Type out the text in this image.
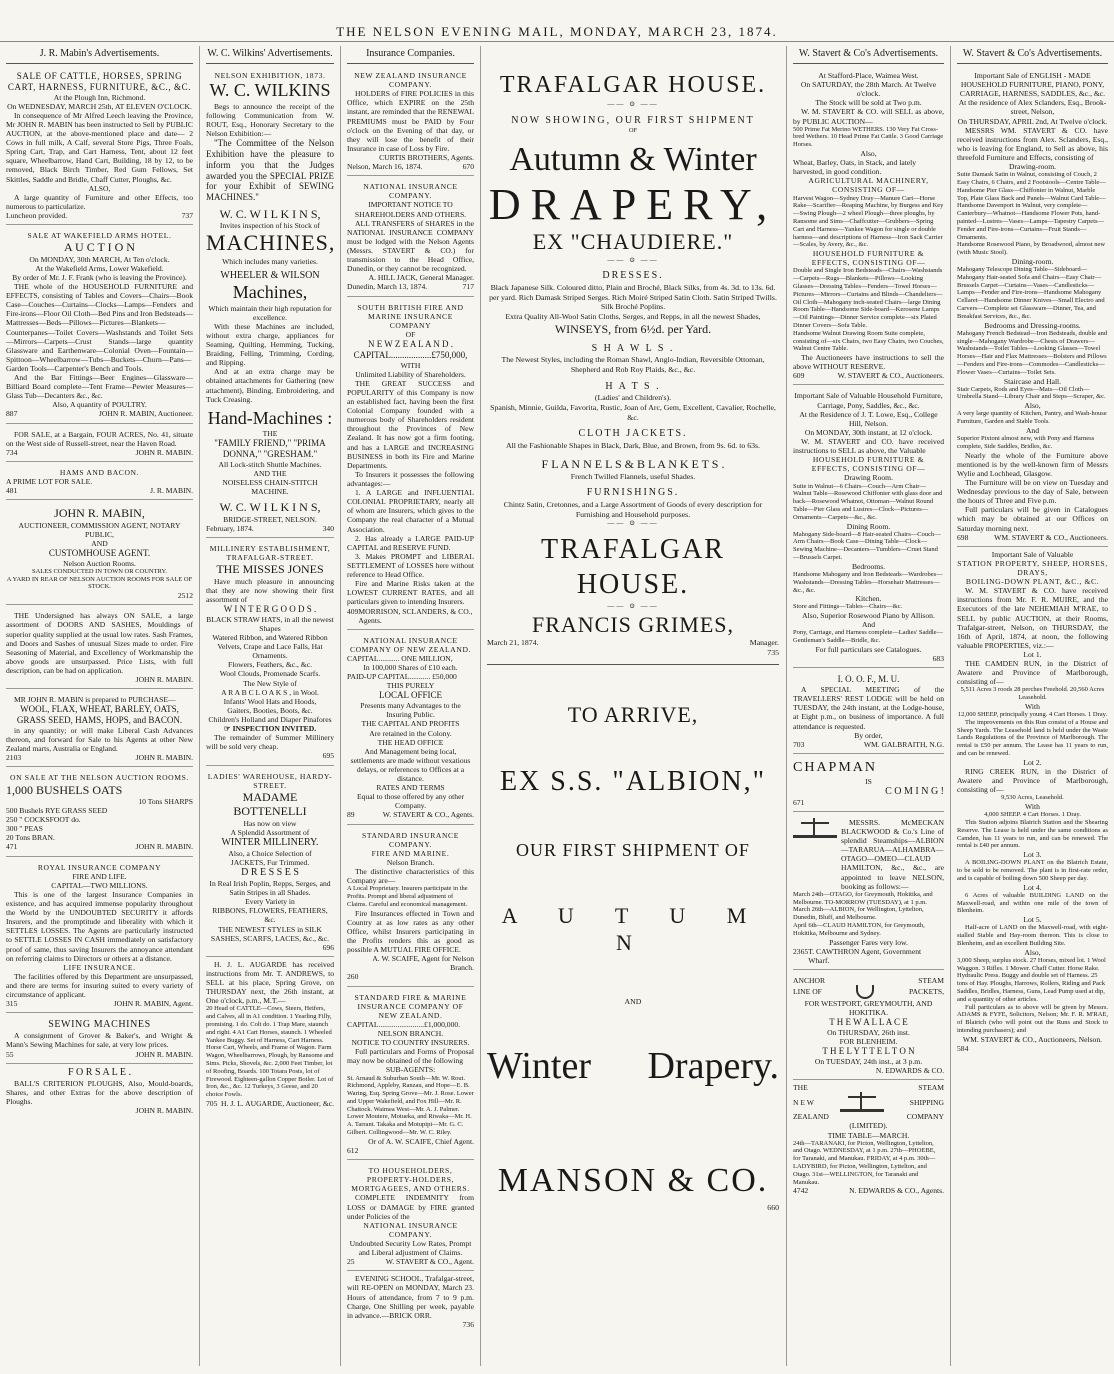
THE NELSON EVENING MAIL, MONDAY, MARCH 23, 1874.
J. R. Mabin's Advertisements.
SALE OF CATTLE, HORSES, SPRING CART, HARNESS, FURNITURE, &C., &C.
At the Plough Inn, Richmond.
On WEDNESDAY, MARCH 25th, AT ELEVEN O'CLOCK.
In consequence of Mr Alfred Leech leaving the Province, Mr JOHN R. MABIN has been instructed to Sell by PUBLIC AUCTION, at the above-mentioned place and date— 2 Cows in full milk, A Calf, several Store Pigs, Three Foals, Spring Cart, Trap, and Cart Harness, Tent, about 12 feet square, Wheelbarrow, Hand Cart, Building, 18 by 12, to be removed, Black Birch Timber, Red Gum Fellows, Set Skittles, Saddle and Bridle, Chaff Cutter, Ploughs, &c.
ALSO,
A large quantity of Furniture and other Effects, too numerous to particularize.
Luncheon provided.	737
SALE AT WAKEFIELD ARMS HOTEL.
A U C T I O N
On MONDAY, 30th MARCH, At Ten o'clock.
At the Wakefield Arms, Lower Wakefield.
By order of Mr. J. F. Frank (who is leaving the Province).
THE whole of the HOUSEHOLD FURNITURE and EFFECTS, consisting of Tables and Covers—Chairs—Book Case—Couches—Curtains—Clocks—Lamps—Fenders and Fire-irons—Floor Oil Cloth—Bed Pins and Iron Bedsteads—Mattresses—Beds—Pillows—Pictures—Blankets—Counterpanes—Toilet Covers—Washstands and Toilet Sets—Mirrors—Carpets—Crust Stands—large quantity Glassware and Earthenware—Colonial Oven—Fountain—Spittoon—Wheelbarrow—Tubs—Buckets—Churn—Pans—Garden Tools—Carpenter's Bench and Tools.
And the Bar Fittings—Beer Engines—Glassware—Billiard Board complete—Tent Frame—Pewter Measures—Glass Tub—Decanters &c., &c.
Also, A quantity of POULTRY.
887	JOHN R. MABIN, Auctioneer.
FOR SALE, at a Bargain, FOUR ACRES, No. 41, situate on the West side of Russell-street, near the Haven Road.
734	JOHN R. MABIN.
HAMS AND BACON.
A PRIME LOT FOR SALE.
481	J. R. MABIN.
JOHN R. MABIN,
AUCTIONEER, COMMISSION AGENT, NOTARY PUBLIC,
AND
CUSTOMHOUSE AGENT.
Nelson Auction Rooms.
SALES CONDUCTED IN TOWN OR COUNTRY.
A YARD IN REAR OF NELSON AUCTION ROOMS FOR SALE OF STOCK.
2512
THE Undersigned has always ON SALE, a large assortment of DOORS AND SASHES, Mouldings of superior quality supplied at the usual low rates. Sash Frames, and Doors and Sashes of unusual Sizes made to order. Fire Seasoning of Material, and Excellency of Workmanship the above goods are unsurpassed. Price Lists, with full description, can be had on application.
JOHN R. MABIN.
MR JOHN R. MABIN is prepared to PURCHASE—
WOOL, FLAX, WHEAT, BARLEY, OATS, GRASS SEED, HAMS, HOPS, and BACON.
in any quantity; or will make Liberal Cash Advances thereon, and forward for Sale to his Agents at other New Zealand marts, Australia or England.
2103	JOHN R. MABIN.
ON SALE AT THE NELSON AUCTION ROOMS.
1,000 BUSHELS OATS
10 Tons SHARPS
500 Bushels RYE GRASS SEED
250 " COCKSFOOT do.
300 " PEAS
20 Tons BRAN.
471	JOHN R. MABIN.
ROYAL INSURANCE COMPANY
FIRE AND LIFE.
CAPITAL—TWO MILLIONS.
This is one of the largest Insurance Companies in existence, and has acquired immense popularity throughout the World by the UNDOUBTED SECURITY it affords Insurers, and the promptitude and liberality with which it SETTLES LOSSES. The Agents are particularly instructed to SETTLE LOSSES IN CASH immediately on satisfactory proof of same, thus saving Insurers the annoyance attendant on referring claims to Directors or others at a distance.
LIFE INSURANCE.
The facilities offered by this Department are unsurpassed, and there are terms for insuring suited to every variety of circumstance of applicant.
315	JOHN R. MABIN, Agent.
SEWING MACHINES
A consignment of Grover & Baker's, and Wright & Mann's Sewing Machines for sale, at very low prices.
55	JOHN R. MABIN.
F O R S A L E .
BALL'S CRITERION PLOUGHS, Also, Mould-boards, Shares, and other Extras for the above description of Ploughs.
JOHN R. MABIN.
W. C. Wilkins' Advertisements.
NELSON EXHIBITION, 1873.
W. C. WILKINS
Begs to announce the receipt of the following Communication from W. ROUT, Esq., Honorary Secretary to the Nelson Exhibition:—
"The Committee of the Nelson Exhibition have the pleasure to inform you that the Judges awarded you the SPECIAL PRIZE for your Exhibit of SEWING MACHINES."
W. C. W I L K I N S,
Invites inspection of his Stock of
MACHINES,
Which includes many varieties.
WHEELER & WILSON
Machines,
Which maintain their high reputation for excellence.
With these Machines are included, without extra charge, appliances for Seaming, Quilting, Hemming, Tucking, Braiding, Felling, Trimming, Cording, and Ripping.
And at an extra charge may be obtained attachments for Gathering (new attachment), Binding, Embroidering, and Tuck Creasing.
Hand-Machines :
THE
"FAMILY FRIEND," "PRIMA DONNA," "GRESHAM."
All Lock-stitch Shuttle Machines.
AND THE
NOISELESS CHAIN-STITCH MACHINE.
W. C. W I L K I N S,
BRIDGE-STREET, NELSON.
February, 1874.	340
MILLINERY ESTABLISHMENT, TRAFALGAR-STREET.
THE MISSES JONES
Have much pleasure in announcing that they are now showing their first assortment of
W I N T E R G O O D S .
BLACK STRAW HATS, in all the newest Shapes
Watered Ribbon, and Watered Ribbon Velvets, Crape and Lace Falls, Hat Ornaments.
Flowers, Feathers, &c., &c.
Wool Clouds, Promenade Scarfs.
The New Style of
A R A B C L O A K S , in Wool.
Infants' Wool Hats and Hoods,
Gaiters, Booties, Boots, &c.
Children's Holland and Diaper Pinafores
☞ INSPECTION INVITED.
The remainder of Summer Millinery will be sold very cheap.
695
LADIES' WAREHOUSE, HARDY-STREET.
MADAME BOTTENELLI
Has now on view
A Splendid Assortment of
WINTER MILLINERY.
Also, a Choice Selection of
JACKETS, Fur Trimmed.
D R E S S E S
In Real Irish Poplin, Repps, Serges, and Satin Stripes in all Shades.
Every Variety in
RIBBONS, FLOWERS, FEATHERS, &c.
THE NEWEST STYLES in SILK SASHES, SCARFS, LACES, &c., &c.
696
H. J. L. AUGARDE has received instructions from Mr. T. ANDREWS, to SELL at his place, Spring Grove, on THURSDAY next, the 26th instant, at One o'clock, p.m., M.T.—
20 Head of CATTLE—Cows, Steers, Heifers, and Calves, all in A1 condition. 1 Yearling Filly, promising. 1 do. Colt do. 1 Trap Mare, staunch and right. 4 A1 Cart Horses, staunch. 1 Wheeled Yankee Buggy. Set of Harness, Cart Harness. Horse Cart, Wheels, and Frame of Wagon. Farm Wagon, Wheelbarrows, Plough, by Ransome and Sims. Picks, Shovels, &c. 2,000 Feet Timber, lot of Roofing, Boards. 100 Totara Posts, lot of Firewood. Eighteen-gallon Copper Boiler. Lot of Iron, &c., &c. 12 Turkeys, 3 Geese, and 20 choice Fowls.
705 H. J. L. AUGARDE, Auctioneer, &c.
Insurance Companies.
NEW ZEALAND INSURANCE COMPANY.
HOLDERS of FIRE POLICIES in this Office, which EXPIRE on the 25th instant, are reminded that the RENEWAL PREMIUMS must be PAID by Four o'clock on the Evening of that day, or they will lose the benefit of their Insurance in case of Loss by Fire.
CURTIS BROTHERS, Agents.
Nelson, March 16, 1874.	670
NATIONAL INSURANCE COMPANY.
IMPORTANT NOTICE TO SHAREHOLDERS AND OTHERS.
ALL TRANSFERS of SHARES in the NATIONAL INSURANCE COMPANY must be lodged with the Nelson Agents (Messrs. STAVERT & CO.) for transmission to the Head Office, Dunedin, or they cannot be recognized.
A. HILL JACK, General Manager.
Dunedin, March 13, 1874.	717
SOUTH BRITISH FIRE AND MARINE INSURANCE COMPANY
OF
N E W Z E A L A N D .
CAPITAL..................£750,000,
WITH
Unlimited Liability of Shareholders.
THE GREAT SUCCESS and POPULARITY of this Company is now an established fact, having been the first Colonial Company founded with a numerous body of Shareholders resident throughout the Provinces of New Zealand. It has now got a firm footing, and has a LARGE and INCREASING BUSINESS in both its Fire and Marine Departments.
To Insurers it possesses the following advantages:—
1. A LARGE and INFLUENTIAL COLONIAL PROPRIETARY, nearly all of whom are Insurers, which gives to the Company the real character of a Mutual Association.
2. Has already a LARGE PAID-UP CAPITAL and RESERVE FUND.
3. Makes PROMPT and LIBERAL SETTLEMENT of LOSSES here without reference to Head Office.
Fire and Marine Risks taken at the LOWEST CURRENT RATES, and all particulars given to intending Insurers.
409 MORRISON, SCLANDERS, & CO., Agents.
NATIONAL INSURANCE COMPANY OF NEW ZEALAND.
CAPITAL........... ONE MILLION,
In 100,000 Shares of £10 each.
PAID-UP CAPITAL........... £50,000
THIS PURELY
LOCAL OFFICE
Presents many Advantages to the Insuring Public.
THE CAPITAL AND PROFITS
Are retained in the Colony.
THE HEAD OFFICE
And Management being local, settlements are made without vexatious delays, or references to Offices at a distance.
RATES AND TERMS
Equal to those offered by any other Company.
89	W. STAVERT & CO., Agents.
STANDARD INSURANCE COMPANY.
FIRE AND MARINE.
Nelson Branch.
The distinctive characteristics of this Company are—
A Local Proprietary. Insurers participate in the Profits. Prompt and liberal adjustment of Claims. Careful and economical management.
Fire Insurances effected in Town and Country at as low rates as any other Office, whilst Insurers participating in the Profits renders this as good as possible A MUTUAL FIRE OFFICE.
A. W. SCAIFE, Agent for Nelson Branch.
260
STANDARD FIRE & MARINE INSURANCE COMPANY OF NEW ZEALAND.
CAPITAL........................£1,000,000.
NELSON BRANCH.
NOTICE TO COUNTRY INSURERS.
Full particulars and Forms of Proposal may now be obtained of the following
SUB-AGENTS:
St. Arnaud & Suburban South—Mr. W. Rout. Richmond, Appleby, Ranzau, and Hope—E. B. Waring, Esq. Spring Grove—Mr. J. Rose. Lower and Upper Wakefield, and Fox Hill—Mr. R. Chattock. Waimea West—Mr. A. J. Palmer. Lower Moutere, Motueka, and Riwaka—Mr. H. A. Tarrant. Takaka and Motupipi—Mr. G. C. Gilbert. Collingwood—Mr. W. C. Riley.
Or of A. W. SCAIFE, Chief Agent.
612
TO HOUSEHOLDERS, PROPERTY-HOLDERS, MORTGAGEES, AND OTHERS.
COMPLETE INDEMNITY from LOSS or DAMAGE by FIRE granted under Policies of the
NATIONAL INSURANCE COMPANY.
Undoubted Security Low Rates, Prompt and Liberal adjustment of Claims.
25	W. STAVERT & CO., Agent.
EVENING SCHOOL, Trafalgar-street, will RE-OPEN on MONDAY, March 23. Hours of attendance, from 7 to 9 p.m. Charge, One Shilling per week, payable in advance.—BRICK ORR.
736
TRAFALGAR HOUSE.
—— ⊙ ——
NOW SHOWING, OUR FIRST SHIPMENT
OF
Autumn & Winter
DRAPERY,
EX "CHAUDIERE."
—— ⊙ ——
DRESSES.
Black Japanese Silk. Coloured ditto, Plain and Broché, Black Silks, from 4s. 3d. to 13s. 6d. per yard. Rich Damask Striped Serges. Rich Moiré Striped Satin Cloth. Satin Striped Twills. Silk Broché Poplins.
Extra Quality All-Wool Satin Cloths, Serges, and Repps, in all the newest Shades,
WINSEYS, from 6½d. per Yard.
S H A W L S .
The Newest Styles, including the Roman Shawl, Anglo-Indian, Reversible Ottoman, Shepherd and Rob Roy Plaids, &c., &c.
H A T S .
(Ladies' and Children's).
Spanish, Minnie, Guilda, Favorita, Rustic, Joan of Arc, Gem, Excellent, Cavalier, Rochelle, &c.
CLOTH JACKETS.
All the Fashionable Shapes in Black, Dark, Blue, and Brown, from 9s. 6d. to 63s.
F L A N N E L S & B L A N K E T S .
French Twilled Flannels, useful Shades.
FURNISHINGS.
Chintz Satin, Cretonnes, and a Large Assortment of Goods of every description for Furnishing and Household purposes.
—— ⊙ ——
TRAFALGAR HOUSE.
—— ⊙ ——
FRANCIS GRIMES,
March 21, 1874.	Manager.
735
TO ARRIVE,
EX S.S. "ALBION,"
OUR FIRST SHIPMENT OF
A U T U M N
AND
Winter Drapery.
MANSON & CO.
660
W. Stavert & Co's Advertisements.
At Stafford-Place, Waimea West.
On SATURDAY, the 28th March. At Twelve o'clock.
The Stock will be sold at Two p.m.
W. M. STAVERT & CO. will SELL as above, by PUBLIC AUCTION—
500 Prime Fat Merino WETHERS. 130 Very Fat Cross-bred Wethers. 10 Head Prime Fat Cattle. 3 Good Carriage Horses.
Also,
Wheat, Barley, Oats, in Stack, and lately harvested, in good condition.
AGRICULTURAL MACHINERY, CONSISTING OF—
Harvest Wagon—Sydney Dray—Manure Cart—Horse Rake—Scarifier—Reaping Machine, by Burgess and Key—Swing Plough—2 wheel Plough—three ploughs, by Ransome and Sims—Chaffcutter—Grubbers—Spring Cart and Harness—Yankee Wagon for single or double harness—and descriptions of Harness—Iron Sack Carrier—Scales, by Avery, &c., &c.
HOUSEHOLD FURNITURE & EFFECTS, CONSISTING OF—
Double and Single Iron Bedsteads—Chairs—Washstands—Carpets—Rugs—Blankets—Pillows—Looking Glasses—Dressing Tables—Fenders—Towel Horses—Pictures—Mirrors—Curtains and Blinds—Chandeliers—Oil Cloth—Mahogany inch-seated Chairs—large Dining Room Table—Handsome Side-board—Kerosene Lamps—Oil Paintings—Dinner Service complete—six Plated Dinner Covers—Sofa Table.
Handsome Walnut Drawing Room Suite complete, consisting of—six Chairs, two Easy Chairs, two Couches, Walnut Centre Table.
The Auctioneers have instructions to sell the above WITHOUT RESERVE.
609	W. STAVERT & CO., Auctioneers.
Important Sale of Valuable Household Furniture, Carriage, Pony, Saddles, &c., &c.
At the Residence of J. T. Lowe, Esq., College Hill, Nelson.
On MONDAY, 30th instant, at 12 o'clock.
W. M. STAVERT and CO. have received instructions to SELL as above, the Valuable
HOUSEHOLD FURNITURE & EFFECTS, CONSISTING OF—
Drawing Room.
Suite in Walnut—6 Chairs—Couch—Arm Chair—Walnut Table—Rosewood Chiffonier with glass door and back—Rosewood Whatnot, Ottoman—Walnut Round Table—Pier Glass and Lustres—Clock—Pictures—Ornaments—Carpets—&c., &c.
Dining Room.
Mahogany Side-board—8 Hair-seated Chairs—Couch—Arm Chairs—Book Case—Dining Table—Clock—Sewing Machine—Decanters—Tumblers—Cruet Stand—Brussels Carpet.
Bedrooms.
Handsome Mahogany and Iron Bedsteads—Wardrobes—Washstands—Dressing Tables—Horsehair Mattresses—&c., &c.
Kitchen.
Store and Fittings—Tables—Chairs—&c.
Also, Superior Rosewood Piano by Allison.
And
Pony, Carriage, and Harness complete—Ladies' Saddle—Gentleman's Saddle—Bridle, &c.
For full particulars see Catalogues.
683
I. O. O. F., M. U.
A SPECIAL MEETING of the TRAVELLERS' REST LODGE will be held on TUESDAY, the 24th instant, at the Lodge-house, at Eight p.m., on business of importance. A full attendance is requested.
By order,
703	WM. GALBRAITH, N.G.
CHAPMAN
IS
C O M I N G !
671
MESSRS. McMECKAN BLACKWOOD & Co.'s Line of splendid Steamships—ALBION—TARARUA—ALHAMBRA—OTAGO—OMEO—CLAUD HAMILTON, &c., &c., are appointed to leave NELSON, booking as follows:—
March 24th—OTAGO, for Greymouth, Hokitika, and Melbourne. TO-MORROW (TUESDAY), at 1 p.m.
March 26th—ALBION, for Wellington, Lyttelton, Dunedin, Bluff, and Melbourne.
April 6th—CLAUD HAMILTON, for Greymouth, Hokitika, Melbourne and Sydney.
Passenger Fares very low.
2365 T. CAWTHRON Agent, Government Wharf.
ANCHOR	STEAM
LINE OF	PACKETS,
FOR WESTPORT, GREYMOUTH, AND HOKITIKA.
T H E W A L L A C E
On THURSDAY, 26th inst.
FOR BLENHEIM.
T H E L Y T T E L T O N
On TUESDAY, 24th inst., at 3 p.m.
N. EDWARDS & CO.
THE	STEAM
N E W	SHIPPING
ZEALAND	COMPANY
(LIMITED).
TIME TABLE—MARCH.
24th—TARANAKI, for Picton, Wellington, Lyttelton, and Otago. WEDNESDAY, at 1 p.m. 27th—PHOEBE, for Taranaki, and Manukau. FRIDAY, at 4 p.m. 30th—LADYBIRD, for Picton, Wellington, Lyttelton, and Otago. 31st—WELLINGTON, for Taranaki and Manukau.
4742	N. EDWARDS & CO., Agents.
W. Stavert & Co's Advertisements.
Important Sale of ENGLISH - MADE HOUSEHOLD FURNITURE, PIANO, PONY, CARRIAGE, HARNESS, SADDLES, &c., &c.
At the residence of Alex Sclanders, Esq., Brook-street, Nelson,
On THURSDAY, APRIL 2nd, At Twelve o'clock.
MESSRS WM. STAVERT & CO. have received instructions from Alex. Sclanders, Esq., who is leaving for England, to Sell as above, his threefold Furniture and Effects, consisting of
Drawing-room.
Suite Damask Satin in Walnut, consisting of Couch, 2 Easy Chairs, 6 Chairs, and 2 Footstools—Centre Table—Handsome Pier Glass—Chiffonier in Walnut, Marble Top, Plate Glass Back and Panels—Walnut Card Table—Handsome Davenport in Walnut, very complete—Canterbury—Whatnot—Handsome Flower Pots, hand-painted—Lustres—Vases—Lamps—Tapestry Carpets—Fender and Fire-irons—Curtains—Fruit Stands—Ornaments.
Handsome Rosewood Piano, by Broadwood, almost new (with Music Stool).
Dining-room.
Mahogany Telescope Dining Table—Sideboard—Mahogany Hair-seated Sofa and Chairs—Easy Chair—Brussels Carpet—Curtains—Vases—Candlesticks—Lamps—Fender and Fire-irons—Handsome Mahogany Cellaret—Handsome Dinner Knives—Small Electro and Carvers—Complete set Glassware—Dinner, Tea, and Breakfast Services, &c., &c.
Bedrooms and Dressing-rooms.
Mahogany French Bedstead—Iron Bedsteads, double and single—Mahogany Wardrobe—Chests of Drawers—Washstands—Toilet Tables—Looking Glasses—Towel Horses—Hair and Flax Mattresses—Bolsters and Pillows—Fenders and Fire-irons—Commodes—Candlesticks—Flower Vases—Curtains—Toilet Sets.
Staircase and Hall.
Stair Carpets, Rods and Eyes—Mats—Oil Cloth—Umbrella Stand—Library Chair and Steps—Scraper, &c.
Also,
A very large quantity of Kitchen, Pantry, and Wash-house Furniture, Garden and Stable Tools.
And
Superior Pixtoni almost new, with Pony and Harness complete, Side Saddles, Bridles, &c.
Nearly the whole of the Furniture above mentioned is by the well-known firm of Messrs Wylie and Lochhead, Glasgow.
The Furniture will be on view on Tuesday and Wednesday previous to the day of Sale, between the hours of Three and Five p.m.
Full particulars will be given in Catalogues which may be obtained at our Offices on Saturday morning next.
698	WM. STAVERT & CO., Auctioneers.
Important Sale of Valuable
STATION PROPERTY, SHEEP, HORSES, DRAYS,
BOILING-DOWN PLANT, &C., &C.
W. M. STAVERT & CO. have received instructions from Mr. F. R. MUIRE, and the Executors of the late NEHEMIAH M'RAE, to SELL by public AUCTION, at their Rooms, Trafalgar-street, Nelson, on THURSDAY, the 16th of April, 1874, at noon, the following valuable PROPERTIES, viz.:—
Lot 1.
THE CAMDEN RUN, in the District of Awatere and Province of Marlborough, consisting of—
5,511 Acres 3 roods 28 perches Freehold. 20,560 Acres Leasehold.
With
12,000 SHEEP, principally young. 4 Cart Horses. 1 Dray.
The improvements on this Run consist of a House and Sheep Yards. The Leasehold land is held under the Waste Lands Regulations of the Province of Marlborough. The rental is £50 per annum. The Lease has 11 years to run, and can be renewed.
Lot 2.
RING CREEK RUN, in the District of Awatere and Province of Marlborough, consisting of—
9,530 Acres, Leasehold.
With
4,000 SHEEP. 4 Cart Horses. 1 Dray.
This Station adjoins Blairich Station and the Shearing Reserve. The Lease is held under the same conditions as Camden, has 11 years to run, and can be renewed. The rental is £40 per annum.
Lot 3.
A BOILING-DOWN PLANT on the Blairich Estate, to be sold to be removed. The plant is in first-rate order, and is capable of boiling down 500 Sheep per day.
Lot 4.
6 Acres of valuable BUILDING LAND on the Maxwell-road, and within one mile of the town of Blenheim.
Lot 5.
Half-acre of LAND on the Maxwell-road, with eight-stalled Stable and Hay-room thereon. This is close to Blenheim, and an excellent Building Site.
Also,
3,000 Sheep, surplus stock. 27 Horses, mixed lot. 1 Wool Waggon. 3 Rifles. 1 Mower. Chaff Cutter. Horse Rake. Hydraulic Press. Buggy and double set of Harness. 25 tons of Hay. Ploughs, Harrows, Rollers, Riding and Pack Saddles, Bridles, Harness, Guns, Lead Pump used at dip, and a quantity of other articles.
Full particulars as to above will be given by Messrs. ADAMS & FYFE, Solicitors, Nelson; Mr. F. R. M'RAE, of Blairich (who will point out the Runs and Stock to intending purchasers); and
WM. STAVERT & CO., Auctioneers, Nelson.
584
